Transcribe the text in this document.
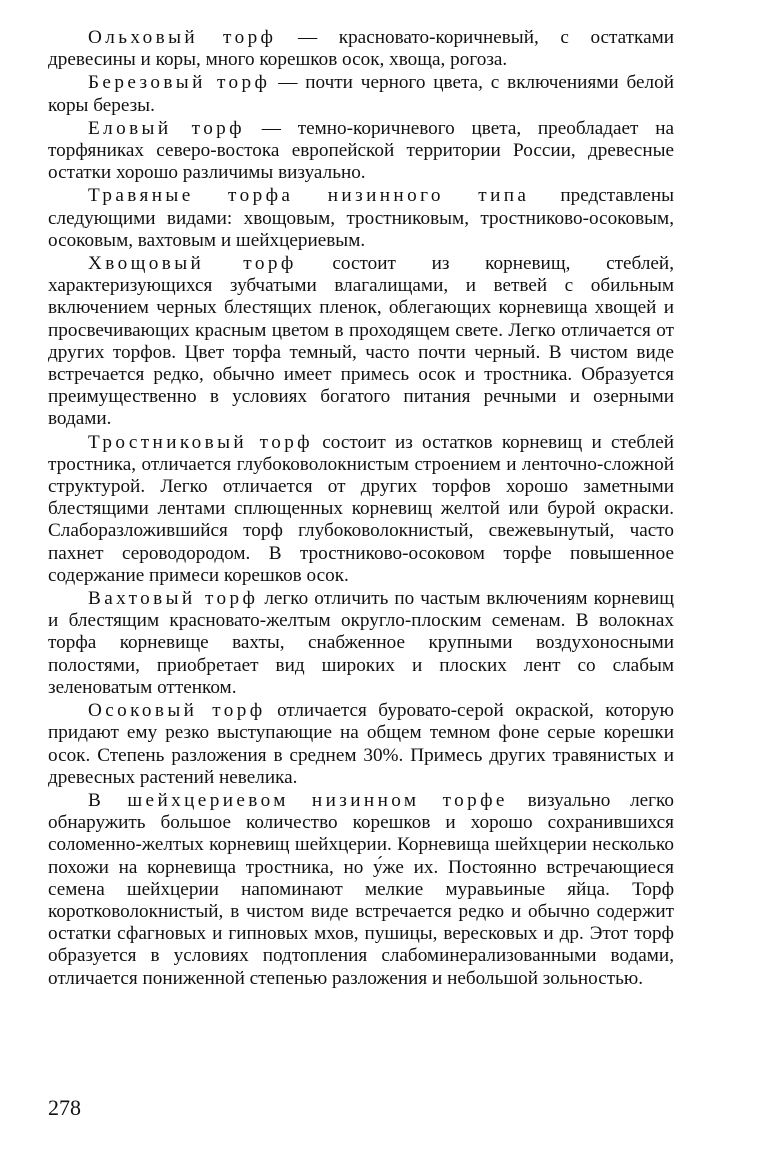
Ольховый торф — красновато-коричневый, с остатками древесины и коры, много корешков осок, хвоща, рогоза.

Березовый торф — почти черного цвета, с включениями белой коры березы.

Еловый торф — темно-коричневого цвета, преобладает на торфяниках северо-востока европейской территории России, древесные остатки хорошо различимы визуально.

Травяные торфа низинного типа представлены следующими видами: хвощовым, тростниковым, тростниково-осоковым, осоковым, вахтовым и шейхцериевым.

Хвощовый торф состоит из корневищ, стеблей, характеризующихся зубчатыми влагалищами, и ветвей с обильным включением черных блестящих пленок, облегающих корневища хвощей и просвечивающих красным цветом в проходящем свете. Легко отличается от других торфов. Цвет торфа темный, часто почти черный. В чистом виде встречается редко, обычно имеет примесь осок и тростника. Образуется преимущественно в условиях богатого питания речными и озерными водами.

Тростниковый торф состоит из остатков корневищ и стеблей тростника, отличается глубоковолокнистым строением и ленточно-сложной структурой. Легко отличается от других торфов хорошо заметными блестящими лентами сплющенных корневищ желтой или бурой окраски. Слаборазложившийся торф глубоковолокнистый, свежевынутый, часто пахнет сероводородом. В тростниково-осоковом торфе повышенное содержание примеси корешков осок.

Вахтовый торф легко отличить по частым включениям корневищ и блестящим красновато-желтым округло-плоским семенам. В волокнах торфа корневище вахты, снабженное крупными воздухоносными полостями, приобретает вид широких и плоских лент со слабым зеленоватым оттенком.

Осоковый торф отличается буровато-серой окраской, которую придают ему резко выступающие на общем темном фоне серые корешки осок. Степень разложения в среднем 30%. Примесь других травянистых и древесных растений невелика.

В шейхцериевом низинном торфе визуально легко обнаружить большое количество корешков и хорошо сохранившихся соломенно-желтых корневищ шейхцерии. Корневища шейхцерии несколько похожи на корневища тростника, но у́же их. Постоянно встречающиеся семена шейхцерии напоминают мелкие муравьиные яйца. Торф коротковолокнистый, в чистом виде встречается редко и обычно содержит остатки сфагновых и гипновых мхов, пушицы, вересковых и др. Этот торф образуется в условиях подтопления слабоминерализованными водами, отличается пониженной степенью разложения и небольшой зольностью.

278
